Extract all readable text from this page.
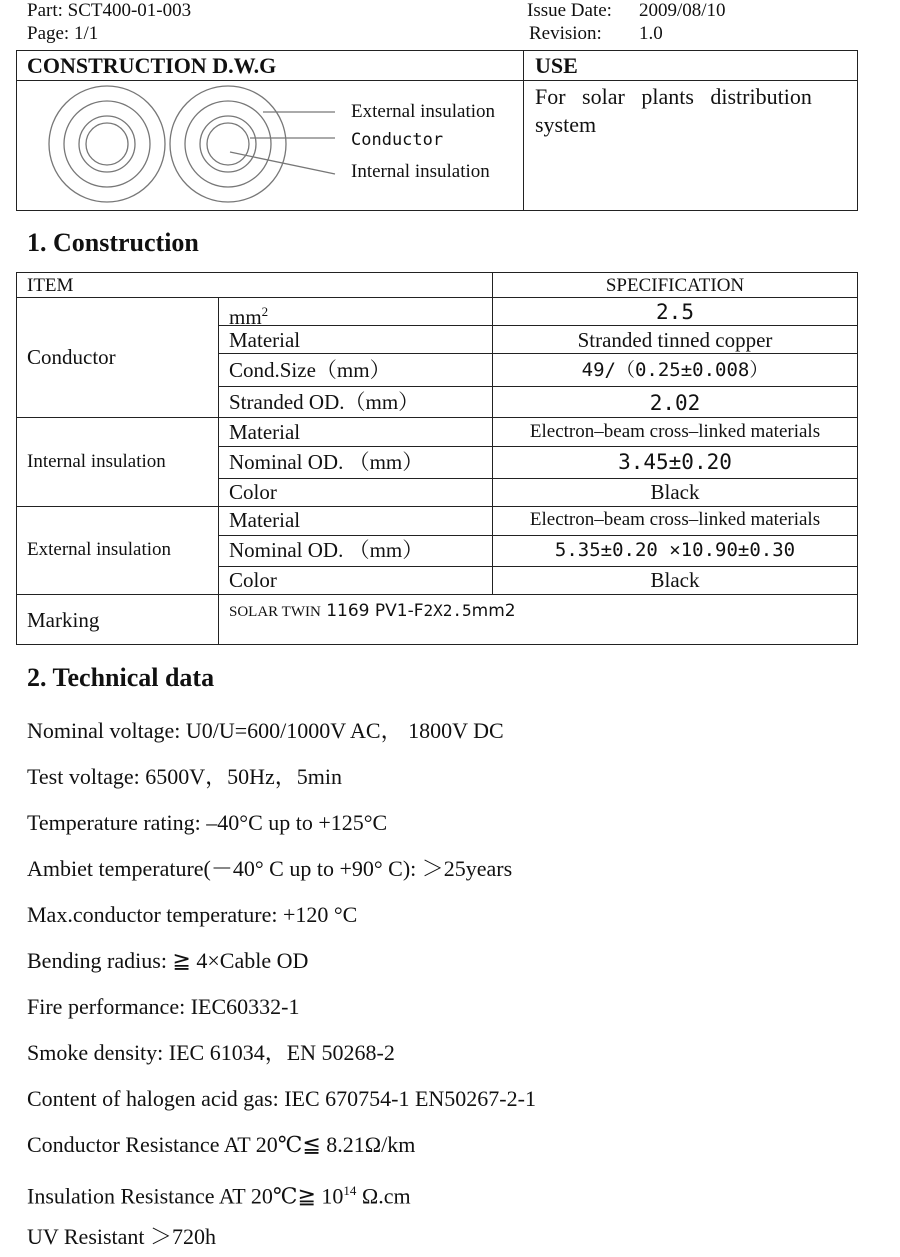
Part: SCT400-01-003
Page: 1/1
Issue Date: 2009/08/10
Revision: 1.0
CONSTRUCTION D.W.G	USE
For   solar   plants   distribution
system
External insulation
Conductor
Internal insulation
1. Construction
ITEM	SPECIFICATION
Conductor
$mm^2$	2.5
Material	Stranded tinned copper
Cond.Size（mm）	49/（0.25±0.008）
Stranded OD.（mm）	2.02
Internal insulation
Material	Electron–beam cross–linked materials
Nominal OD. （mm）	3.45±0.20
Color	Black
External insulation
Material	Electron–beam cross–linked materials
Nominal OD. （mm）	5.35±0.20 ×10.90±0.30
Color	Black
Marking	SOLAR TWIN 1169 PV1-F2X2.5mm2
2. Technical data
Nominal voltage: U0/U=600/1000V AC， 1800V DC
Test voltage: 6500V，50Hz，5min
Temperature rating: –40°C up to +125°C
Ambiet temperature(－40° C up to +90° C): ＞25years
Max.conductor temperature: +120 °C
Bending radius: ≧ 4×Cable OD
Fire performance: IEC60332-1
Smoke density: IEC 61034，EN 50268-2
Content of halogen acid gas: IEC 670754-1 EN50267-2-1
Conductor Resistance AT 20℃≦ 8.21Ω/km
Insulation Resistance AT 20℃≧ $10^{14}$ Ω.cm
UV Resistant ＞720h
